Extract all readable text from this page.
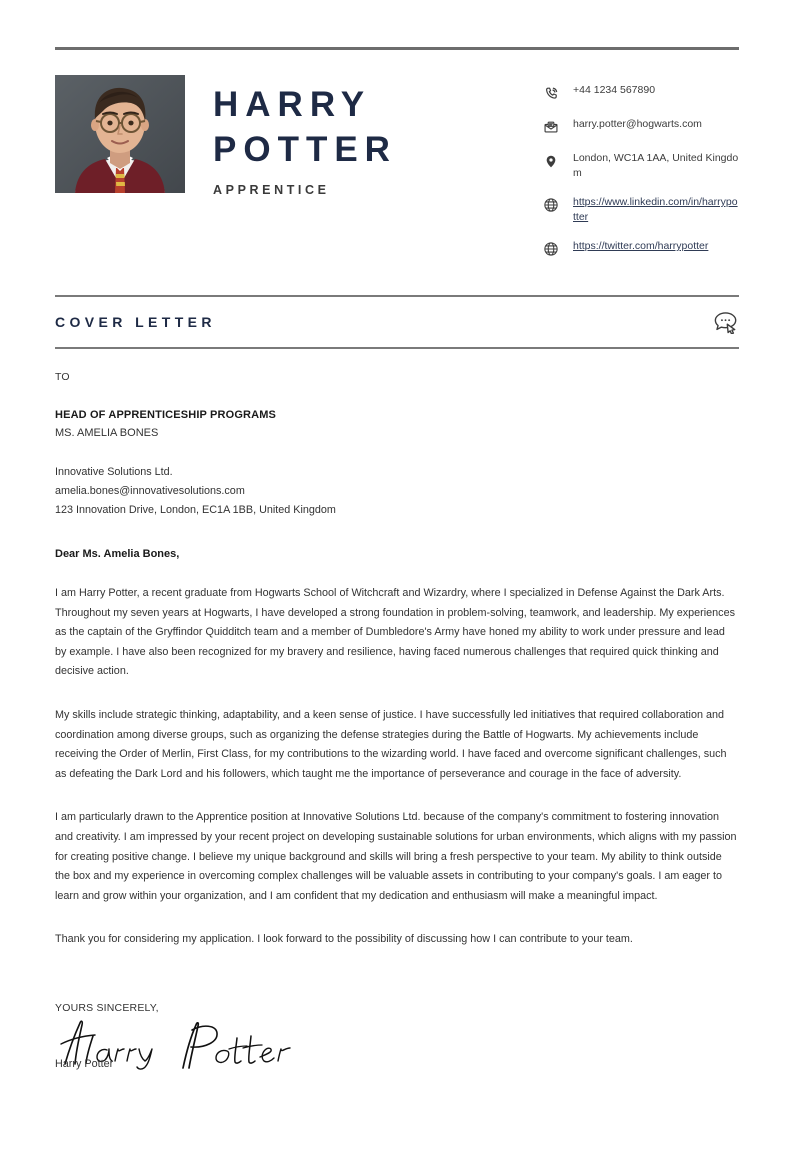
HARRY
POTTER
APPRENTICE
+44 1234 567890
harry.potter@hogwarts.com
London, WC1A 1AA, United Kingdom
https://www.linkedin.com/in/harrypotter
https://twitter.com/harrypotter
COVER LETTER
TO
HEAD OF APPRENTICESHIP PROGRAMS
MS. AMELIA BONES
Innovative Solutions Ltd.
amelia.bones@innovativesolutions.com
123 Innovation Drive, London, EC1A 1BB, United Kingdom
Dear Ms. Amelia Bones,

I am Harry Potter, a recent graduate from Hogwarts School of Witchcraft and Wizardry, where I specialized in Defense Against the Dark Arts. Throughout my seven years at Hogwarts, I have developed a strong foundation in problem-solving, teamwork, and leadership. My experiences as the captain of the Gryffindor Quidditch team and a member of Dumbledore's Army have honed my ability to work under pressure and lead by example. I have also been recognized for my bravery and resilience, having faced numerous challenges that required quick thinking and decisive action.

My skills include strategic thinking, adaptability, and a keen sense of justice. I have successfully led initiatives that required collaboration and coordination among diverse groups, such as organizing the defense strategies during the Battle of Hogwarts. My achievements include receiving the Order of Merlin, First Class, for my contributions to the wizarding world. I have faced and overcome significant challenges, such as defeating the Dark Lord and his followers, which taught me the importance of perseverance and courage in the face of adversity.

I am particularly drawn to the Apprentice position at Innovative Solutions Ltd. because of the company's commitment to fostering innovation and creativity. I am impressed by your recent project on developing sustainable solutions for urban environments, which aligns with my passion for creating positive change. I believe my unique background and skills will bring a fresh perspective to your team. My ability to think outside the box and my experience in overcoming complex challenges will be valuable assets in contributing to your company's goals. I am eager to learn and grow within your organization, and I am confident that my dedication and enthusiasm will make a meaningful impact.

Thank you for considering my application. I look forward to the possibility of discussing how I can contribute to your team.

YOURS SINCERELY,
Harry Potter
